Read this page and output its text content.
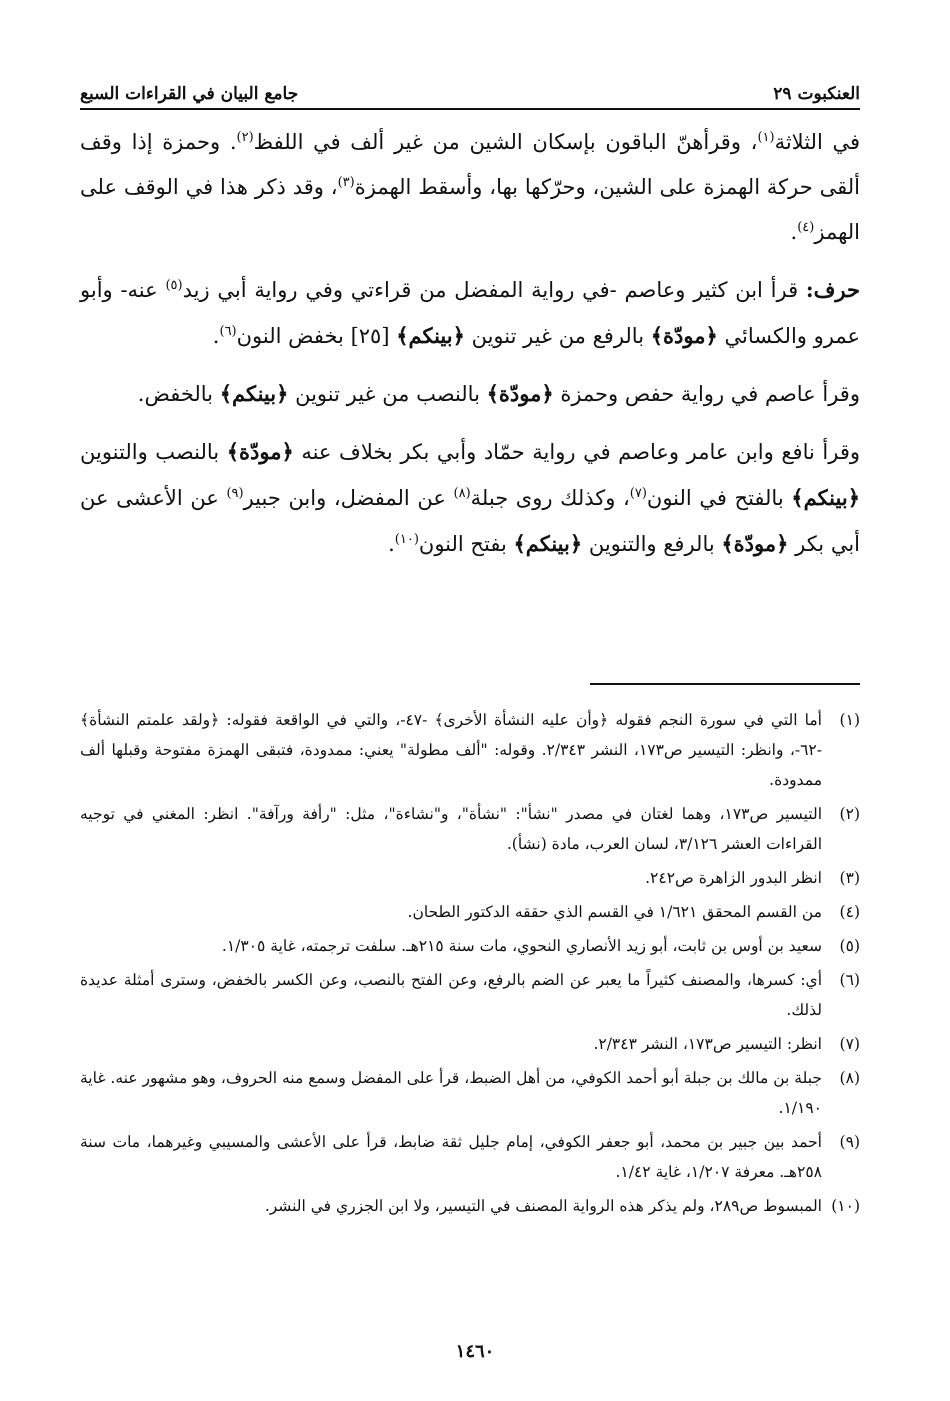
العنكبوت ٢٩
جامع البيان في القراءات السبع

في الثلاثة$^{(١)}$، وقرأهنّ الباقون بإسكان الشين من غير ألف في اللفظ$^{(٢)}$. وحمزة إذا وقف ألقى حركة الهمزة على الشين، وحرّكها بها، وأسقط الهمزة$^{(٣)}$، وقد ذكر هذا في الوقف على الهمز$^{(٤)}$.

حرف: قرأ ابن كثير وعاصم -في رواية المفضل من قراءتي وفي رواية أبي زيد$^{(٥)}$ عنه- وأبو عمرو والكسائي ﴿مودّة﴾ بالرفع من غير تنوين ﴿بينكم﴾ [٢٥] بخفض النون$^{(٦)}$.

وقرأ عاصم في رواية حفص وحمزة ﴿مودّة﴾ بالنصب من غير تنوين ﴿بينكم﴾ بالخفض.

وقرأ نافع وابن عامر وعاصم في رواية حمّاد وأبي بكر بخلاف عنه ﴿مودّة﴾ بالنصب والتنوين ﴿بينكم﴾ بالفتح في النون$^{(٧)}$، وكذلك روى جبلة$^{(٨)}$ عن المفضل، وابن جبير$^{(٩)}$ عن الأعشى عن أبي بكر ﴿مودّة﴾ بالرفع والتنوين ﴿بينكم﴾ بفتح النون$^{(١٠)}$.

(١)
أما التي في سورة النجم فقوله ﴿وأن عليه النشأة الأخرى﴾ -٤٧-، والتي في الواقعة فقوله: ﴿ولقد علمتم النشأة﴾ -٦٢-، وانظر: التيسير ص١٧٣، النشر ٢/٣٤٣. وقوله: "ألف مطولة" يعني: ممدودة، فتبقى الهمزة مفتوحة وقبلها ألف ممدودة.
(٢)
التيسير ص١٧٣، وهما لغتان في مصدر "نشأ": "نشأة"، و"نشاءة"، مثل: "رأفة ورآفة". انظر: المغني في توجيه القراءات العشر ٣/١٢٦، لسان العرب، مادة (نشأ).
(٣)
انظر البدور الزاهرة ص٢٤٢.
(٤)
من القسم المحقق ١/٦٢١ في القسم الذي حققه الدكتور الطحان.
(٥)
سعيد بن أوس بن ثابت، أبو زيد الأنصاري النحوي، مات سنة ٢١٥هـ. سلفت ترجمته، غاية ١/٣٠٥.
(٦)
أي: كسرها، والمصنف كثيراً ما يعبر عن الضم بالرفع، وعن الفتح بالنصب، وعن الكسر بالخفض، وسترى أمثلة عديدة لذلك.
(٧)
انظر: التيسير ص١٧٣، النشر ٢/٣٤٣.
(٨)
جبلة بن مالك بن جبلة أبو أحمد الكوفي، من أهل الضبط، قرأ على المفضل وسمع منه الحروف، وهو مشهور عنه. غاية ١/١٩٠.
(٩)
أحمد بين جبير بن محمد، أبو جعفر الكوفي، إمام جليل ثقة ضابط، قرأ على الأعشى والمسيبي وغيرهما، مات سنة ٢٥٨هـ. معرفة ١/٢٠٧، غاية ١/٤٢.
(١٠)
المبسوط ص٢٨٩، ولم يذكر هذه الرواية المصنف في التيسير، ولا ابن الجزري في النشر.
١٤٦٠
